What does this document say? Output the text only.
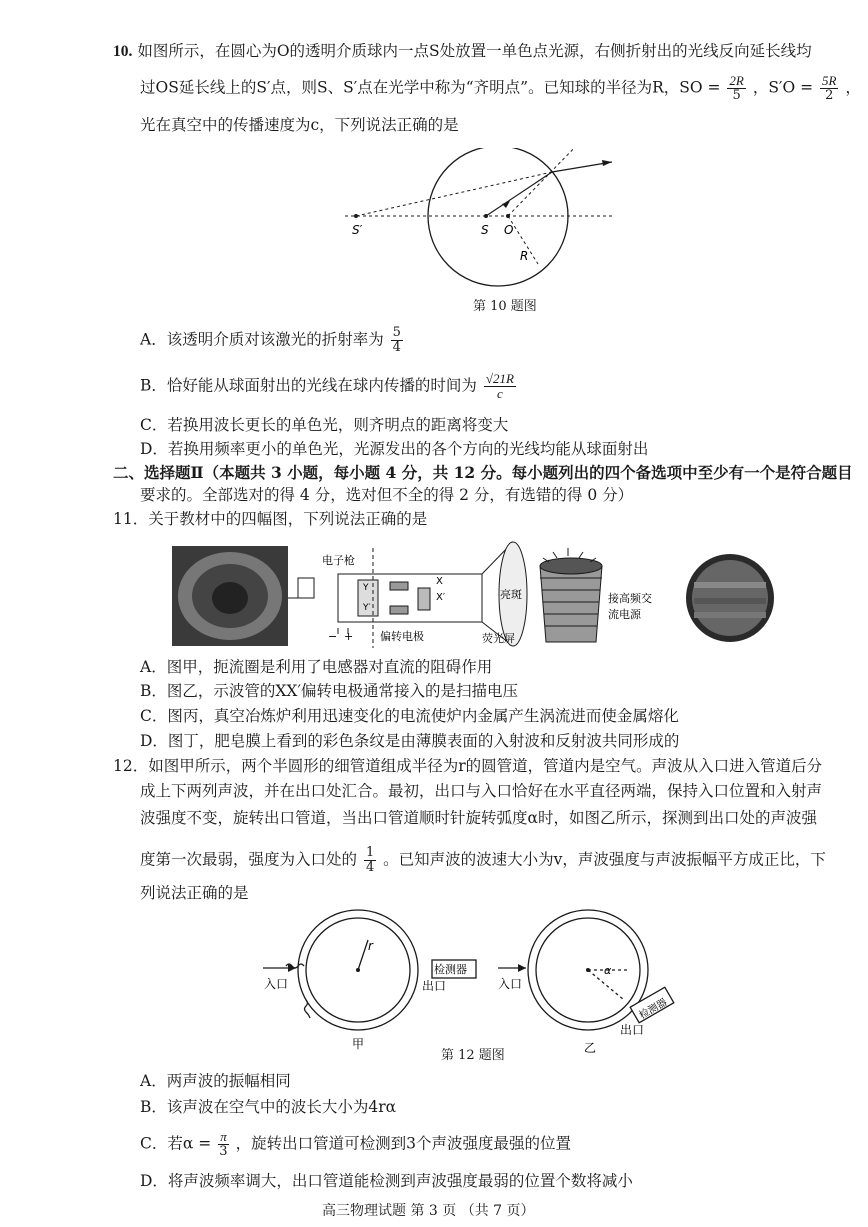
10. 如图所示，在圆心为O的透明介质球内一点S处放置一单色点光源，右侧折射出的光线反向延长线均
过OS延长线上的S′点，则S、S′点在光学中称为“齐明点”。已知球的半径为R，SO = $\frac{2R}{5}$ ，$S'O = \frac{5R}{2}$ ，
光在真空中的传播速度为c，下列说法正确的是
S′	S O
R
第 10 题图
A．该透明介质对该激光的折射率为 $\frac{5}{4}$
B．恰好能从球面射出的光线在球内传播的时间为 $\frac{√21R}{c}$
C．若换用波长更长的单色光，则齐明点的距离将变大
D．若换用频率更小的单色光，光源发出的各个方向的光线均能从球面射出
二、选择题Ⅱ（本题共 3 小题，每小题 4 分，共 12 分。每小题列出的四个备选项中至少有一个是符合题目
要求的。全部选对的得 4 分，选对但不全的得 2 分，有选错的得 0 分）
11．关于教材中的四幅图，下列说法正确的是
电子枪
Y
Y′
X
X′	亮斑
− + 偏转电极	荧光屏
接高频交
流电源
A．图甲，扼流圈是利用了电感器对直流的阻碍作用
B．图乙，示波管的XX′偏转电极通常接入的是扫描电压
C．图丙，真空冶炼炉利用迅速变化的电流使炉内金属产生涡流进而使金属熔化
D．图丁，肥皂膜上看到的彩色条纹是由薄膜表面的入射波和反射波共同形成的
12．如图甲所示，两个半圆形的细管道组成半径为r的圆管道，管道内是空气。声波从入口进入管道后分
成上下两列声波，并在出口处汇合。最初，出口与入口恰好在水平直径两端，保持入口位置和入射声
波强度不变，旋转出口管道，当出口管道顺时针旋转弧度α时，如图乙所示，探测到出口处的声波强
度第一次最弱，强度为入口处的 $\frac{1}{4}$ 。已知声波的波速大小为v，声波强度与声波振幅平方成正比，下
列说法正确的是
r
入口
检测器
出口
甲
α
入口
检测器
出口
乙
第 12 题图
A．两声波的振幅相同
B．该声波在空气中的波长大小为4rα
C．若$\alpha = \frac{\pi}{3}$ ，旋转出口管道可检测到3个声波强度最强的位置
D．将声波频率调大，出口管道能检测到声波强度最弱的位置个数将减小
高三物理试题 第 3 页 （共 7 页）
